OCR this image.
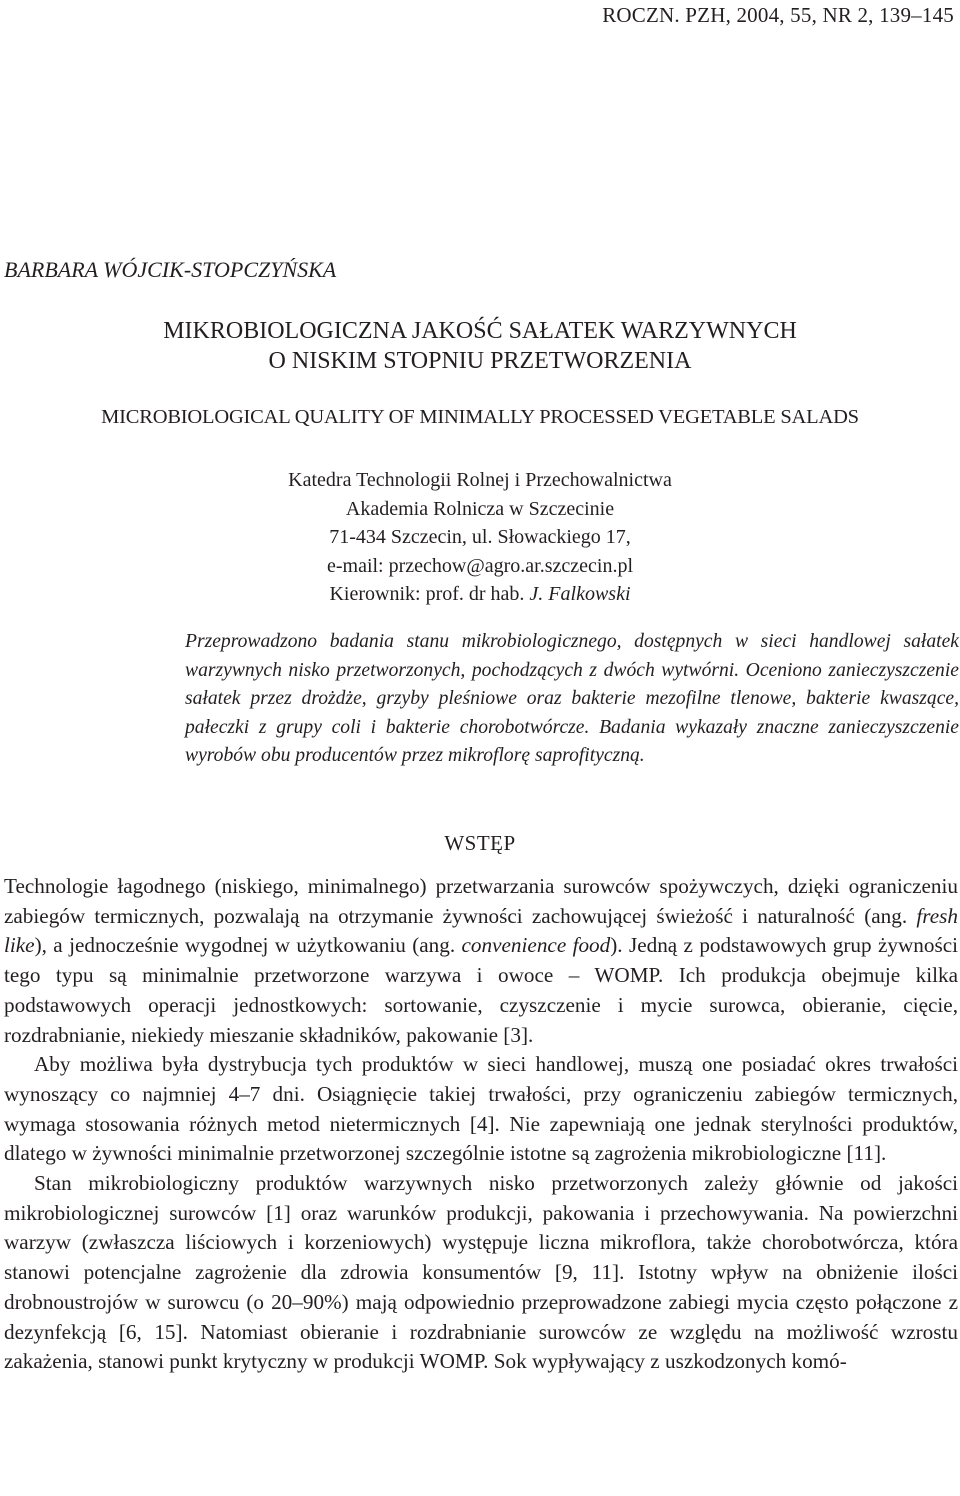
ROCZN. PZH, 2004, 55, NR 2, 139–145
BARBARA WÓJCIK-STOPCZYŃSKA
MIKROBIOLOGICZNA JAKOŚĆ SAŁATEK WARZYWNYCH
O NISKIM STOPNIU PRZETWORZENIA
MICROBIOLOGICAL QUALITY OF MINIMALLY PROCESSED VEGETABLE SALADS
Katedra Technologii Rolnej i Przechowalnictwa
Akademia Rolnicza w Szczecinie
71-434 Szczecin, ul. Słowackiego 17,
e-mail: przechow@agro.ar.szczecin.pl
Kierownik: prof. dr hab. J. Falkowski
Przeprowadzono badania stanu mikrobiologicznego, dostępnych w sieci handlowej sałatek warzywnych nisko przetworzonych, pochodzących z dwóch wytwórni. Oceniono zanieczyszczenie sałatek przez drożdże, grzyby pleśniowe oraz bakterie mezofilne tlenowe, bakterie kwaszące, pałeczki z grupy coli i bakterie chorobotwórcze. Badania wykazały znaczne zanieczyszczenie wyrobów obu producentów przez mikroflorę saprofityczną.
WSTĘP

Technologie łagodnego (niskiego, minimalnego) przetwarzania surowców spożywczych, dzięki ograniczeniu zabiegów termicznych, pozwalają na otrzymanie żywności zachowującej świeżość i naturalność (ang. fresh like), a jednocześnie wygodnej w użytkowaniu (ang. convenience food). Jedną z podstawowych grup żywności tego typu są minimalnie przetworzone warzywa i owoce – WOMP. Ich produkcja obejmuje kilka podstawowych operacji jednostkowych: sortowanie, czyszczenie i mycie surowca, obieranie, cięcie, rozdrabnianie, niekiedy mieszanie składników, pakowanie [3].

Aby możliwa była dystrybucja tych produktów w sieci handlowej, muszą one posiadać okres trwałości wynoszący co najmniej 4–7 dni. Osiągnięcie takiej trwałości, przy ograniczeniu zabiegów termicznych, wymaga stosowania różnych metod nietermicznych [4]. Nie zapewniają one jednak sterylności produktów, dlatego w żywności minimalnie przetworzonej szczególnie istotne są zagrożenia mikrobiologiczne [11].

Stan mikrobiologiczny produktów warzywnych nisko przetworzonych zależy głównie od jakości mikrobiologicznej surowców [1] oraz warunków produkcji, pakowania i przechowywania. Na powierzchni warzyw (zwłaszcza liściowych i korzeniowych) występuje liczna mikroflora, także chorobotwórcza, która stanowi potencjalne zagrożenie dla zdrowia konsumentów [9, 11]. Istotny wpływ na obniżenie ilości drobnoustrojów w surowcu (o 20–90%) mają odpowiednio przeprowadzone zabiegi mycia często połączone z dezynfekcją [6, 15]. Natomiast obieranie i rozdrabnianie surowców ze względu na możliwość wzrostu zakażenia, stanowi punkt krytyczny w produkcji WOMP. Sok wypływający z uszkodzonych komó-
